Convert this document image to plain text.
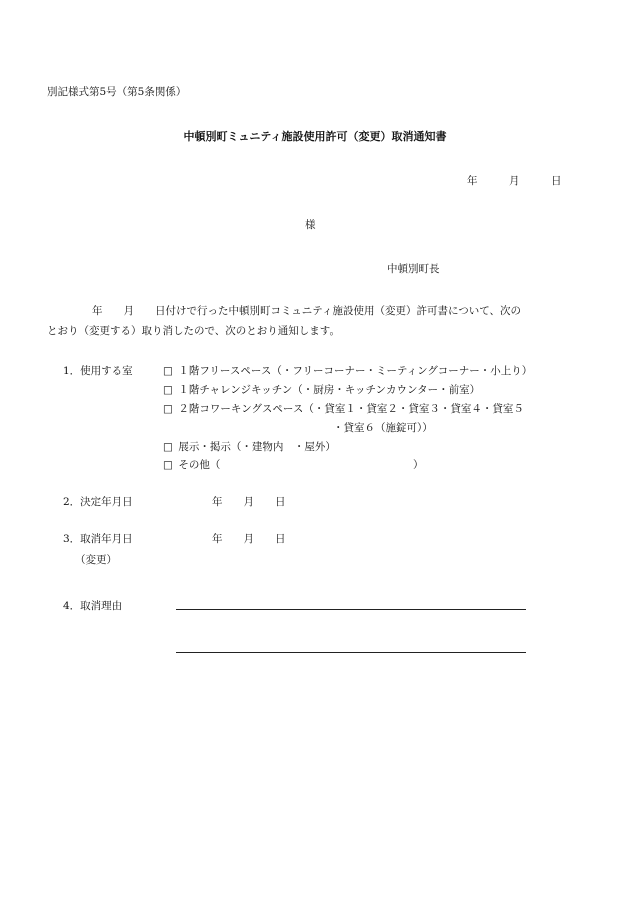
別記様式第5号（第5条関係）
中頓別町ミュニティ施設使用許可（変更）取消通知書
年　　　月　　　日
様
中頓別町長
年　　月　　日付けで行った中頓別町コミュニティ施設使用（変更）許可書について、次の
とおり（変更する）取り消したので、次のとおり通知します。
1．使用する室	□ １階フリースペース（・フリーコーナー・ミーティングコーナー・小上り）
□ １階チャレンジキッチン（・厨房・キッチンカウンター・前室）
□ ２階コワーキングスペース（・貸室１・貸室２・貸室３・貸室４・貸室５
・貸室６（施錠可））
□ 展示・掲示（・建物内　・屋外）
□ その他（	）
2．決定年月日	年　　月　　日
3．取消年月日	年　　月　　日
（変更）
4．取消理由
